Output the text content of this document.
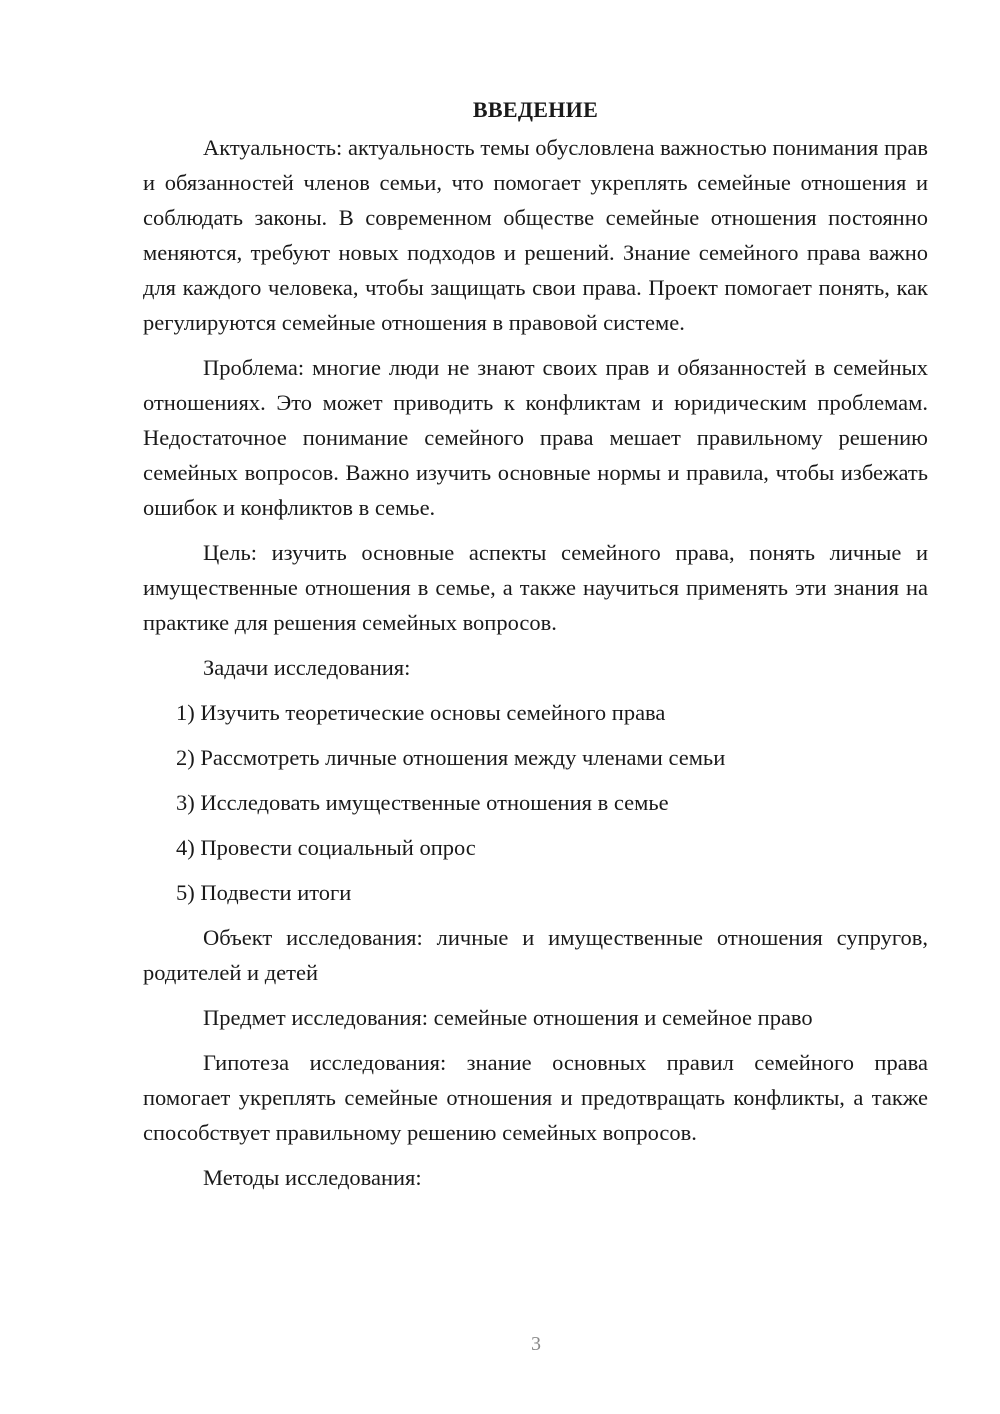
ВВЕДЕНИЕ

Актуальность: актуальность темы обусловлена важностью понимания прав и обязанностей членов семьи, что помогает укреплять семейные отношения и соблюдать законы. В современном обществе семейные отношения постоянно меняются, требуют новых подходов и решений. Знание семейного права важно для каждого человека, чтобы защищать свои права. Проект помогает понять, как регулируются семейные отношения в правовой системе.

Проблема: многие люди не знают своих прав и обязанностей в семейных отношениях. Это может приводить к конфликтам и юридическим проблемам. Недостаточное понимание семейного права мешает правильному решению семейных вопросов. Важно изучить основные нормы и правила, чтобы избежать ошибок и конфликтов в семье.

Цель: изучить основные аспекты семейного права, понять личные и имущественные отношения в семье, а также научиться применять эти знания на практике для решения семейных вопросов.

Задачи исследования:
1) Изучить теоретические основы семейного права
2) Рассмотреть личные отношения между членами семьи
3) Исследовать имущественные отношения в семье
4) Провести социальный опрос
5) Подвести итоги

Объект исследования: личные и имущественные отношения супругов, родителей и детей

Предмет исследования: семейные отношения и семейное право

Гипотеза исследования: знание основных правил семейного права помогает укреплять семейные отношения и предотвращать конфликты, а также способствует правильному решению семейных вопросов.

Методы исследования:
3
